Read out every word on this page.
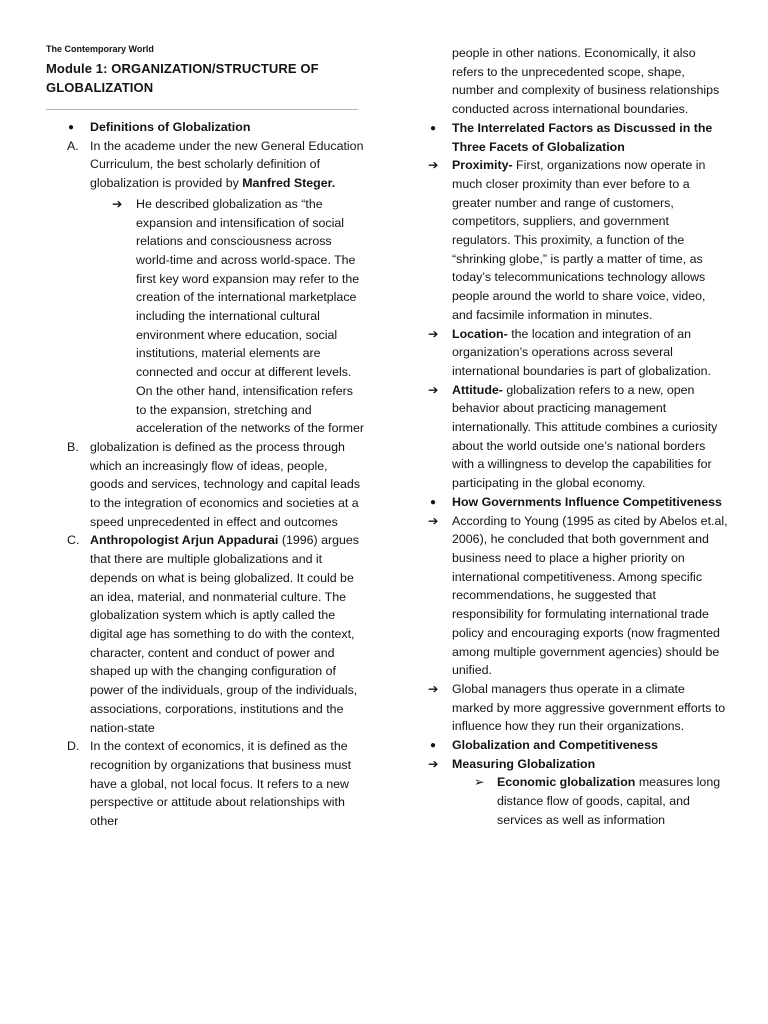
The Contemporary World

Module 1: ORGANIZATION/STRUCTURE OF GLOBALIZATION

● Definitions of Globalization
A. In the academe under the new General Education Curriculum, the best scholarly definition of globalization is provided by Manfred Steger.
➔ He described globalization as “the expansion and intensification of social relations and consciousness across world-time and across world-space. The first key word expansion may refer to the creation of the international marketplace including the international cultural environment where education, social institutions, material elements are connected and occur at different levels. On the other hand, intensification refers to the expansion, stretching and acceleration of the networks of the former
B. globalization is defined as the process through which an increasingly flow of ideas, people, goods and services, technology and capital leads to the integration of economics and societies at a speed unprecedented in effect and outcomes
C. Anthropologist Arjun Appadurai (1996) argues that there are multiple globalizations and it depends on what is being globalized. It could be an idea, material, and nonmaterial culture. The globalization system which is aptly called the digital age has something to do with the context, character, content and conduct of power and shaped up with the changing configuration of power of the individuals, group of the individuals, associations, corporations, institutions and the nation-state
D. In the context of economics, it is defined as the recognition by organizations that business must have a global, not local focus. It refers to a new perspective or attitude about relationships with other
people in other nations. Economically, it also refers to the unprecedented scope, shape, number and complexity of business relationships conducted across international boundaries.
● The Interrelated Factors as Discussed in the Three Facets of Globalization
➔ Proximity- First, organizations now operate in much closer proximity than ever before to a greater number and range of customers, competitors, suppliers, and government regulators. This proximity, a function of the “shrinking globe,” is partly a matter of time, as today’s telecommunications technology allows people around the world to share voice, video, and facsimile information in minutes.
➔ Location- the location and integration of an organization’s operations across several international boundaries is part of globalization.
➔ Attitude- globalization refers to a new, open behavior about practicing management internationally. This attitude combines a curiosity about the world outside one’s national borders with a willingness to develop the capabilities for participating in the global economy.
● How Governments Influence Competitiveness
➔ According to Young (1995 as cited by Abelos et.al, 2006), he concluded that both government and business need to place a higher priority on international competitiveness. Among specific recommendations, he suggested that responsibility for formulating international trade policy and encouraging exports (now fragmented among multiple government agencies) should be unified.
➔ Global managers thus operate in a climate marked by more aggressive government efforts to influence how they run their organizations.
● Globalization and Competitiveness
➔ Measuring Globalization
➢ Economic globalization measures long distance flow of goods, capital, and services as well as information
